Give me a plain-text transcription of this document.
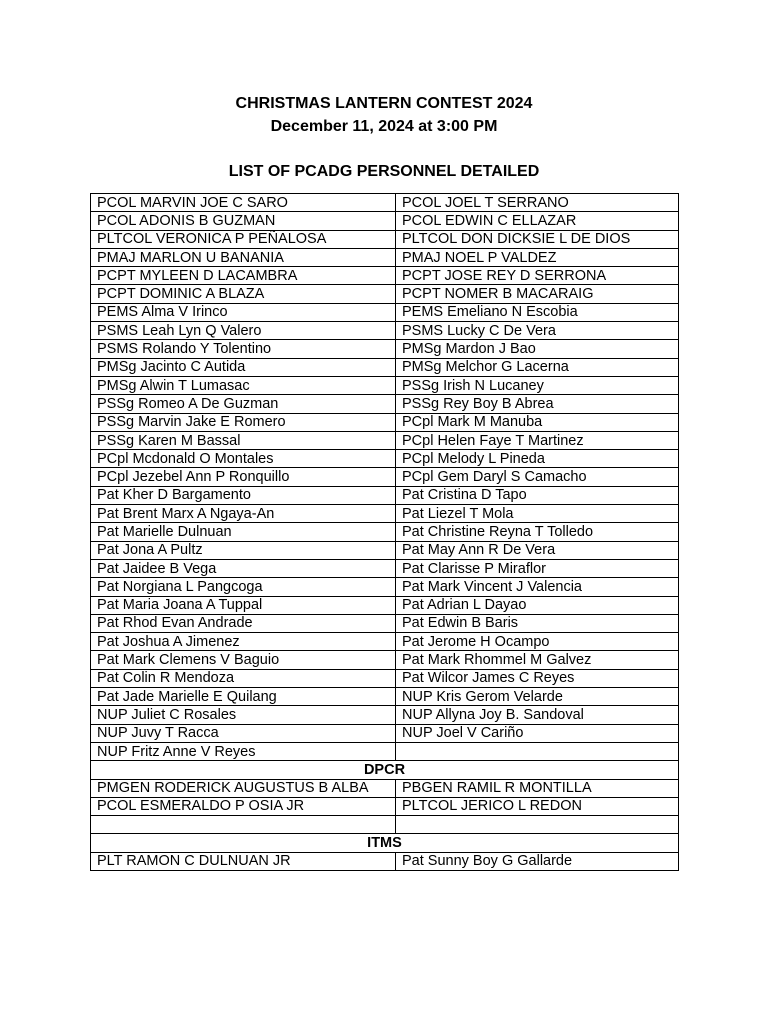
CHRISTMAS LANTERN CONTEST 2024
December 11, 2024 at 3:00 PM
LIST OF PCADG PERSONNEL DETAILED
PCOL MARVIN JOE C SARO	PCOL JOEL T SERRANO
PCOL ADONIS B GUZMAN	PCOL EDWIN C ELLAZAR
PLTCOL VERONICA P PEÑALOSA	PLTCOL DON DICKSIE L DE DIOS
PMAJ MARLON U BANANIA	PMAJ NOEL P VALDEZ
PCPT MYLEEN D LACAMBRA	PCPT JOSE REY D SERRONA
PCPT DOMINIC A BLAZA	PCPT NOMER B MACARAIG
PEMS Alma V Irinco	PEMS Emeliano N Escobia
PSMS Leah Lyn Q Valero	PSMS Lucky C De Vera
PSMS Rolando Y Tolentino	PMSg Mardon J Bao
PMSg Jacinto C Autida	PMSg Melchor G Lacerna
PMSg Alwin T Lumasac	PSSg Irish N Lucaney
PSSg Romeo A De Guzman	PSSg Rey Boy B Abrea
PSSg Marvin Jake E Romero	PCpl Mark M Manuba
PSSg Karen M Bassal	PCpl Helen Faye T Martinez
PCpl Mcdonald O Montales	PCpl Melody L Pineda
PCpl Jezebel Ann P Ronquillo	PCpl Gem Daryl S Camacho
Pat Kher D Bargamento	Pat Cristina D Tapo
Pat Brent Marx A Ngaya-An	Pat Liezel T Mola
Pat Marielle Dulnuan	Pat Christine Reyna T Tolledo
Pat Jona A Pultz	Pat May Ann R De Vera
Pat Jaidee B Vega	Pat Clarisse P Miraflor
Pat Norgiana L Pangcoga	Pat Mark Vincent J Valencia
Pat Maria Joana A Tuppal	Pat Adrian L Dayao
Pat Rhod Evan Andrade	Pat Edwin B Baris
Pat Joshua A Jimenez	Pat Jerome H Ocampo
Pat Mark Clemens V Baguio	Pat Mark Rhommel M Galvez
Pat Colin R Mendoza	Pat Wilcor James C Reyes
Pat Jade Marielle E Quilang	NUP Kris Gerom Velarde
NUP Juliet C Rosales	NUP Allyna Joy B. Sandoval
NUP Juvy T Racca	NUP Joel V Cariño
NUP Fritz Anne V Reyes	
DPCR	
PMGEN RODERICK AUGUSTUS B ALBA	PBGEN RAMIL R MONTILLA
PCOL ESMERALDO P OSIA JR	PLTCOL JERICO L REDON

ITMS	
PLT RAMON C DULNUAN JR	Pat Sunny Boy G Gallarde
